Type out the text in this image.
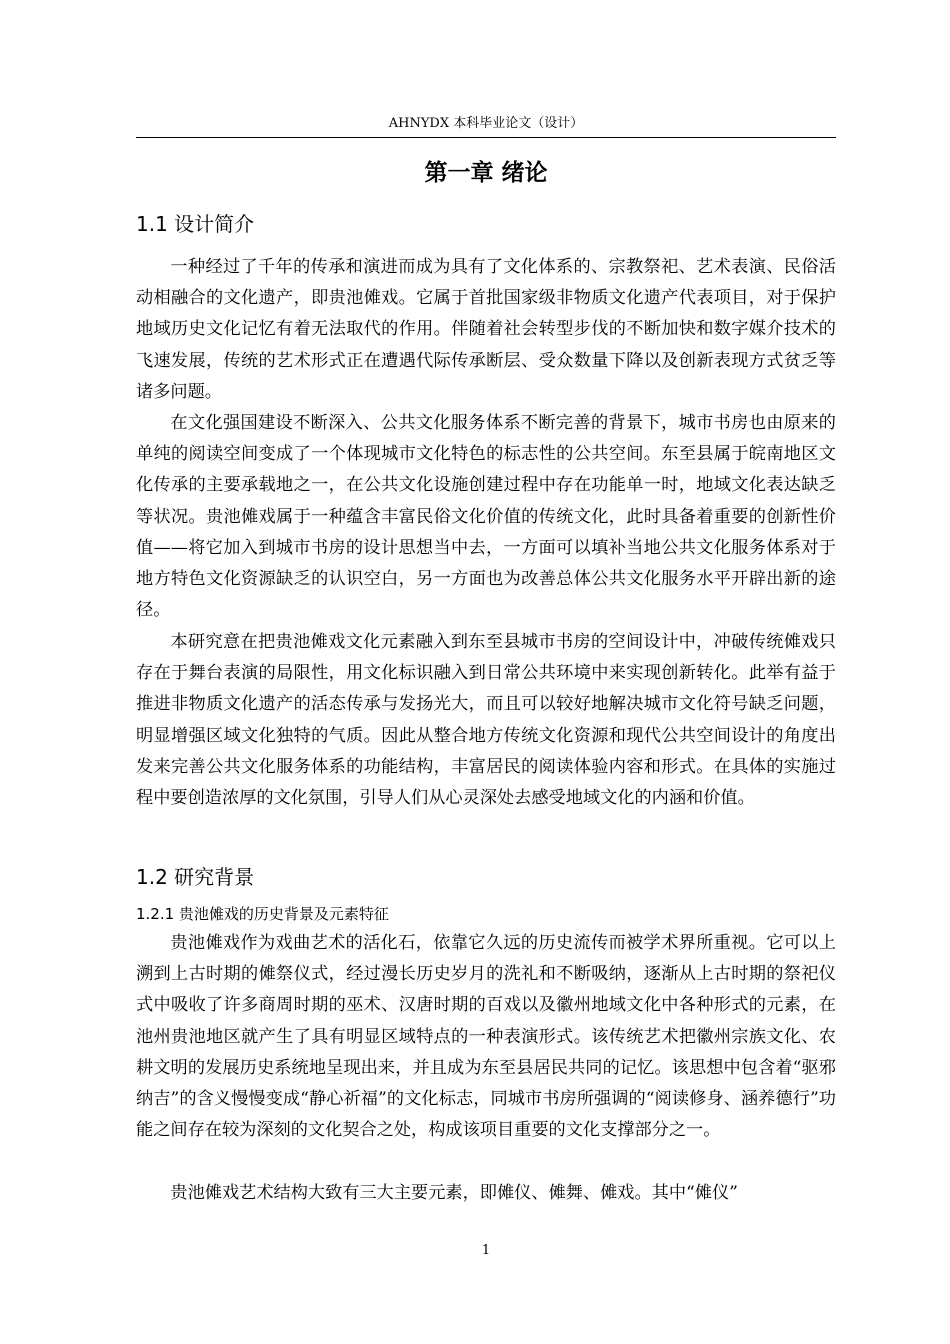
AHNYDX 本科毕业论文（设计）
第一章 绪论
1.1 设计简介
一种经过了千年的传承和演进而成为具有了文化体系的、宗教祭祀、艺术表演、民俗活动相融合的文化遗产，即贵池傩戏。它属于首批国家级非物质文化遗产代表项目，对于保护地域历史文化记忆有着无法取代的作用。伴随着社会转型步伐的不断加快和数字媒介技术的飞速发展，传统的艺术形式正在遭遇代际传承断层、受众数量下降以及创新表现方式贫乏等诸多问题。
在文化强国建设不断深入、公共文化服务体系不断完善的背景下，城市书房也由原来的单纯的阅读空间变成了一个体现城市文化特色的标志性的公共空间。东至县属于皖南地区文化传承的主要承载地之一，在公共文化设施创建过程中存在功能单一时，地域文化表达缺乏等状况。贵池傩戏属于一种蕴含丰富民俗文化价值的传统文化，此时具备着重要的创新性价值——将它加入到城市书房的设计思想当中去，一方面可以填补当地公共文化服务体系对于地方特色文化资源缺乏的认识空白，另一方面也为改善总体公共文化服务水平开辟出新的途径。
本研究意在把贵池傩戏文化元素融入到东至县城市书房的空间设计中，冲破传统傩戏只存在于舞台表演的局限性，用文化标识融入到日常公共环境中来实现创新转化。此举有益于推进非物质文化遗产的活态传承与发扬光大，而且可以较好地解决城市文化符号缺乏问题，明显增强区域文化独特的气质。因此从整合地方传统文化资源和现代公共空间设计的角度出发来完善公共文化服务体系的功能结构，丰富居民的阅读体验内容和形式。在具体的实施过程中要创造浓厚的文化氛围，引导人们从心灵深处去感受地域文化的内涵和价值。
1.2 研究背景
1.2.1 贵池傩戏的历史背景及元素特征
贵池傩戏作为戏曲艺术的活化石，依靠它久远的历史流传而被学术界所重视。它可以上溯到上古时期的傩祭仪式，经过漫长历史岁月的洗礼和不断吸纳，逐渐从上古时期的祭祀仪式中吸收了许多商周时期的巫术、汉唐时期的百戏以及徽州地域文化中各种形式的元素，在池州贵池地区就产生了具有明显区域特点的一种表演形式。该传统艺术把徽州宗族文化、农耕文明的发展历史系统地呈现出来，并且成为东至县居民共同的记忆。该思想中包含着“驱邪纳吉”的含义慢慢变成“静心祈福”的文化标志，同城市书房所强调的“阅读修身、涵养德行”功能之间存在较为深刻的文化契合之处，构成该项目重要的文化支撑部分之一。
贵池傩戏艺术结构大致有三大主要元素，即傩仪、傩舞、傩戏。其中“傩仪”
1
